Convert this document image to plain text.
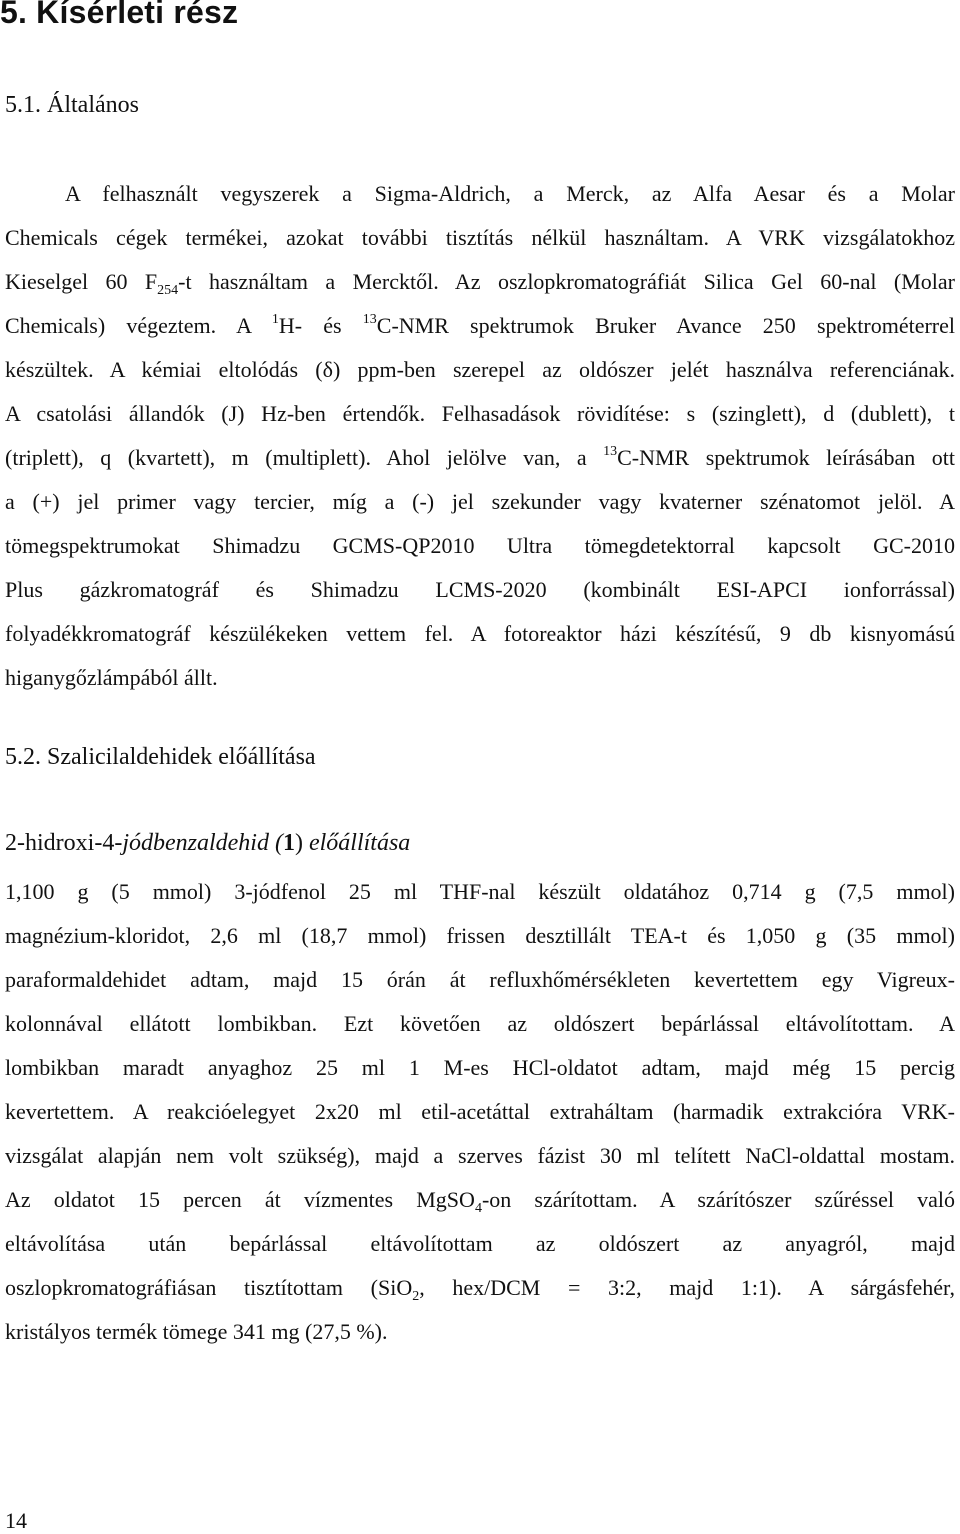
5. Kísérleti rész
5.1. Általános
A felhasznált vegyszerek a Sigma-Aldrich, a Merck, az Alfa Aesar és a Molar
Chemicals cégek termékei, azokat további tisztítás nélkül használtam. A VRK vizsgálatokhoz
Kieselgel 60 $F_{254}-t$ használtam a Mercktől. Az oszlopkromatográfiát Silica Gel 60-nal (Molar
Chemicals) végeztem. A $^1$H- és $^{13}$C-NMR spektrumok Bruker Avance 250 spektrométerrel
készültek. A kémiai eltolódás (δ) ppm-ben szerepel az oldószer jelét használva referenciának.
A csatolási állandók (J) Hz-ben értendők. Felhasadások rövidítése: s (szinglett), d (dublett), t
(triplett), q (kvartett), m (multiplett). Ahol jelölve van, a $^{13}$C-NMR spektrumok leírásában ott
a (+) jel primer vagy tercier, míg a (-) jel szekunder vagy kvaterner szénatomot jelöl. A
tömegspektrumokat Shimadzu GCMS-QP2010 Ultra tömegdetektorral kapcsolt GC-2010
Plus gázkromatográf és Shimadzu LCMS-2020 (kombinált ESI-APCI ionforrással)
folyadékkromatográf készülékeken vettem fel. A fotoreaktor házi készítésű, 9 db kisnyomású
higanygőzlámpából állt.
5.2. Szalicilaldehidek előállítása
2-hidroxi-4-jódbenzaldehid (1) előállítása
1,100 g (5 mmol) 3-jódfenol 25 ml THF-nal készült oldatához 0,714 g (7,5 mmol)
magnézium-kloridot, 2,6 ml (18,7 mmol) frissen desztillált TEA-t és 1,050 g (35 mmol)
paraformaldehidet adtam, majd 15 órán át refluxhőmérsékleten kevertettem egy Vigreux-
kolonnával ellátott lombikban. Ezt követően az oldószert bepárlással eltávolítottam. A
lombikban maradt anyaghoz 25 ml 1 M-es HCl-oldatot adtam, majd még 15 percig
kevertettem. A reakcióelegyet 2x20 ml etil-acetáttal extraháltam (harmadik extrakcióra VRK-
vizsgálat alapján nem volt szükség), majd a szerves fázist 30 ml telített NaCl-oldattal mostam.
Az oldatot 15 percen át vízmentes MgSO$_4$-on szárítottam. A szárítószer szűréssel való
eltávolítása után bepárlással eltávolítottam az oldószert az anyagról, majd
oszlopkromatográfiásan tisztítottam (SiO$_2$, hex/DCM = 3:2, majd 1:1). A sárgásfehér,
kristályos termék tömege 341 mg (27,5 %).
14
